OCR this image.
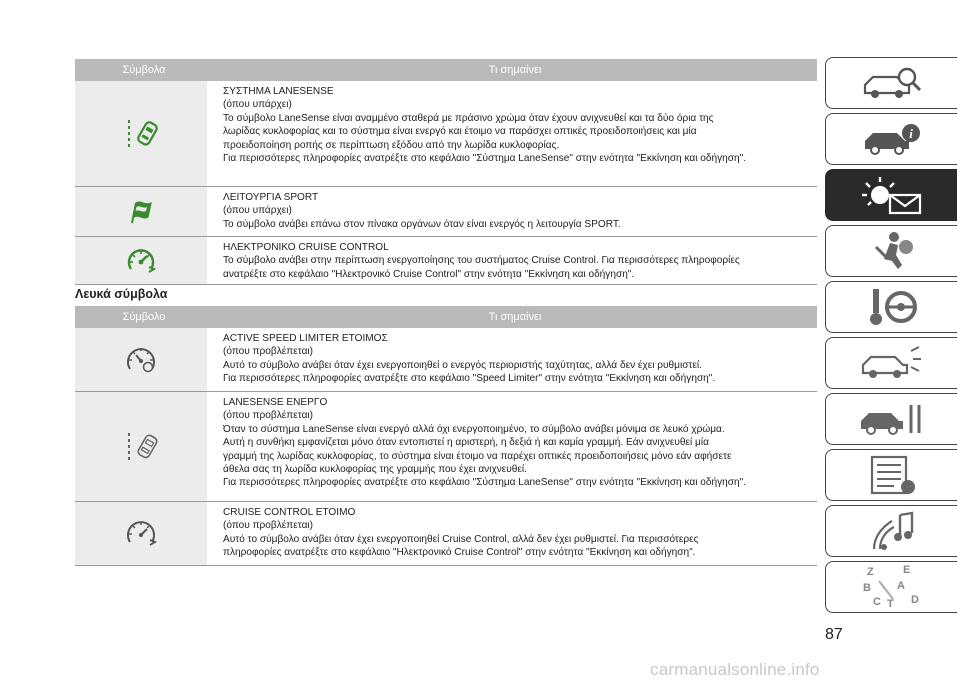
Σύμβολα	Τι σημαίνει
ΣΥΣΤΗΜΑ LANESENSE
(όπου υπάρχει)
Το σύμβολο LaneSense είναι αναμμένο σταθερά με πράσινο χρώμα όταν έχουν ανιχνευθεί και τα δύο όρια της
λωρίδας κυκλοφορίας και το σύστημα είναι ενεργό και έτοιμο να παράσχει οπτικές προειδοποιήσεις και μία
προειδοποίηση ροπής σε περίπτωση εξόδου από την λωρίδα κυκλοφορίας.
Για περισσότερες πληροφορίες ανατρέξτε στο κεφάλαιο "Σύστημα LaneSense" στην ενότητα "Εκκίνηση και οδήγηση".
ΛΕΙΤΟΥΡΓΙΑ SPORT
(όπου υπάρχει)
Το σύμβολο ανάβει επάνω στον πίνακα οργάνων όταν είναι ενεργός η λειτουργία SPORT.
ΗΛΕΚΤΡΟΝΙΚΟ CRUISE CONTROL
Το σύμβολο ανάβει στην περίπτωση ενεργοποίησης του συστήματος Cruise Control. Για περισσότερες πληροφορίες
ανατρέξτε στο κεφάλαιο "Ηλεκτρονικό Cruise Control" στην ενότητα "Εκκίνηση και οδήγηση".
Λευκά σύμβολα
Σύμβολο	Τι σημαίνει
ACTIVE SPEED LIMITER ΕΤΟΙΜΟΣ
(όπου προβλέπεται)
Αυτό το σύμβολο ανάβει όταν έχει ενεργοποιηθεί ο ενεργός περιοριστής ταχύτητας, αλλά δεν έχει ρυθμιστεί.
Για περισσότερες πληροφορίες ανατρέξτε στο κεφάλαιο "Speed Limiter" στην ενότητα "Εκκίνηση και οδήγηση".
LANESENSE ΕΝΕΡΓΟ
(όπου προβλέπεται)
Όταν το σύστημα LaneSense είναι ενεργό αλλά όχι ενεργοποιημένο, το σύμβολο ανάβει μόνιμα σε λευκό χρώμα.
Αυτή η συνθήκη εμφανίζεται μόνο όταν εντοπιστεί η αριστερή, η δεξιά ή και καμία γραμμή. Εάν ανιχνευθεί μία
γραμμή της λωρίδας κυκλοφορίας, το σύστημα είναι έτοιμο να παρέχει οπτικές προειδοποιήσεις μόνο εάν αφήσετε
άθελα σας τη λωρίδα κυκλοφορίας της γραμμής που έχει ανιχνευθεί.
Για περισσότερες πληροφορίες ανατρέξτε στο κεφάλαιο "Σύστημα LaneSense" στην ενότητα "Εκκίνηση και οδήγηση".
CRUISE CONTROL ΕΤΟΙΜΟ
(όπου προβλέπεται)
Αυτό το σύμβολο ανάβει όταν έχει ενεργοποιηθεί Cruise Control, αλλά δεν έχει ρυθμιστεί. Για περισσότερες
πληροφορίες ανατρέξτε στο κεφάλαιο "Ηλεκτρονικό Cruise Control" στην ενότητα "Εκκίνηση και οδήγηση".
i
Z	E
B A
C T D
87
carmanualsonline.info
